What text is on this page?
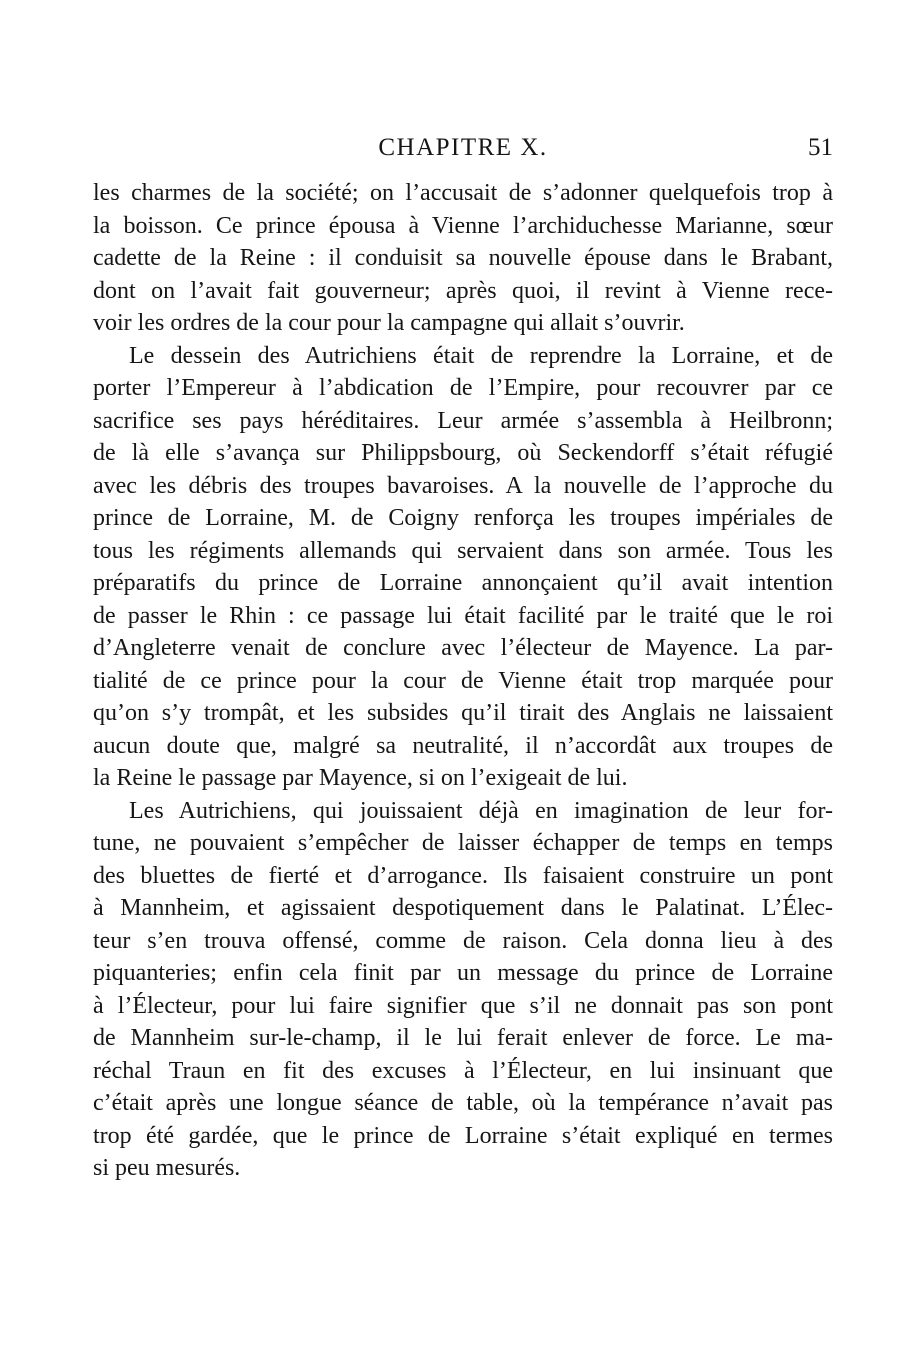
CHAPITRE X.	51
les charmes de la société; on l’accusait de s’adonner quelquefois trop à
la boisson. Ce prince épousa à Vienne l’archiduchesse Marianne, sœur
cadette de la Reine : il conduisit sa nouvelle épouse dans le Brabant,
dont on l’avait fait gouverneur; après quoi, il revint à Vienne rece-
voir les ordres de la cour pour la campagne qui allait s’ouvrir.
Le dessein des Autrichiens était de reprendre la Lorraine, et de
porter l’Empereur à l’abdication de l’Empire, pour recouvrer par ce
sacrifice ses pays héréditaires. Leur armée s’assembla à Heilbronn;
de là elle s’avança sur Philippsbourg, où Seckendorff s’était réfugié
avec les débris des troupes bavaroises. A la nouvelle de l’approche du
prince de Lorraine, M. de Coigny renforça les troupes impériales de
tous les régiments allemands qui servaient dans son armée. Tous les
préparatifs du prince de Lorraine annonçaient qu’il avait intention
de passer le Rhin : ce passage lui était facilité par le traité que le roi
d’Angleterre venait de conclure avec l’électeur de Mayence. La par-
tialité de ce prince pour la cour de Vienne était trop marquée pour
qu’on s’y trompât, et les subsides qu’il tirait des Anglais ne laissaient
aucun doute que, malgré sa neutralité, il n’accordât aux troupes de
la Reine le passage par Mayence, si on l’exigeait de lui.
Les Autrichiens, qui jouissaient déjà en imagination de leur for-
tune, ne pouvaient s’empêcher de laisser échapper de temps en temps
des bluettes de fierté et d’arrogance. Ils faisaient construire un pont
à Mannheim, et agissaient despotiquement dans le Palatinat. L’Élec-
teur s’en trouva offensé, comme de raison. Cela donna lieu à des
piquanteries; enfin cela finit par un message du prince de Lorraine
à l’Électeur, pour lui faire signifier que s’il ne donnait pas son pont
de Mannheim sur-le-champ, il le lui ferait enlever de force. Le ma-
réchal Traun en fit des excuses à l’Électeur, en lui insinuant que
c’était après une longue séance de table, où la tempérance n’avait pas
trop été gardée, que le prince de Lorraine s’était expliqué en termes
si peu mesurés.
